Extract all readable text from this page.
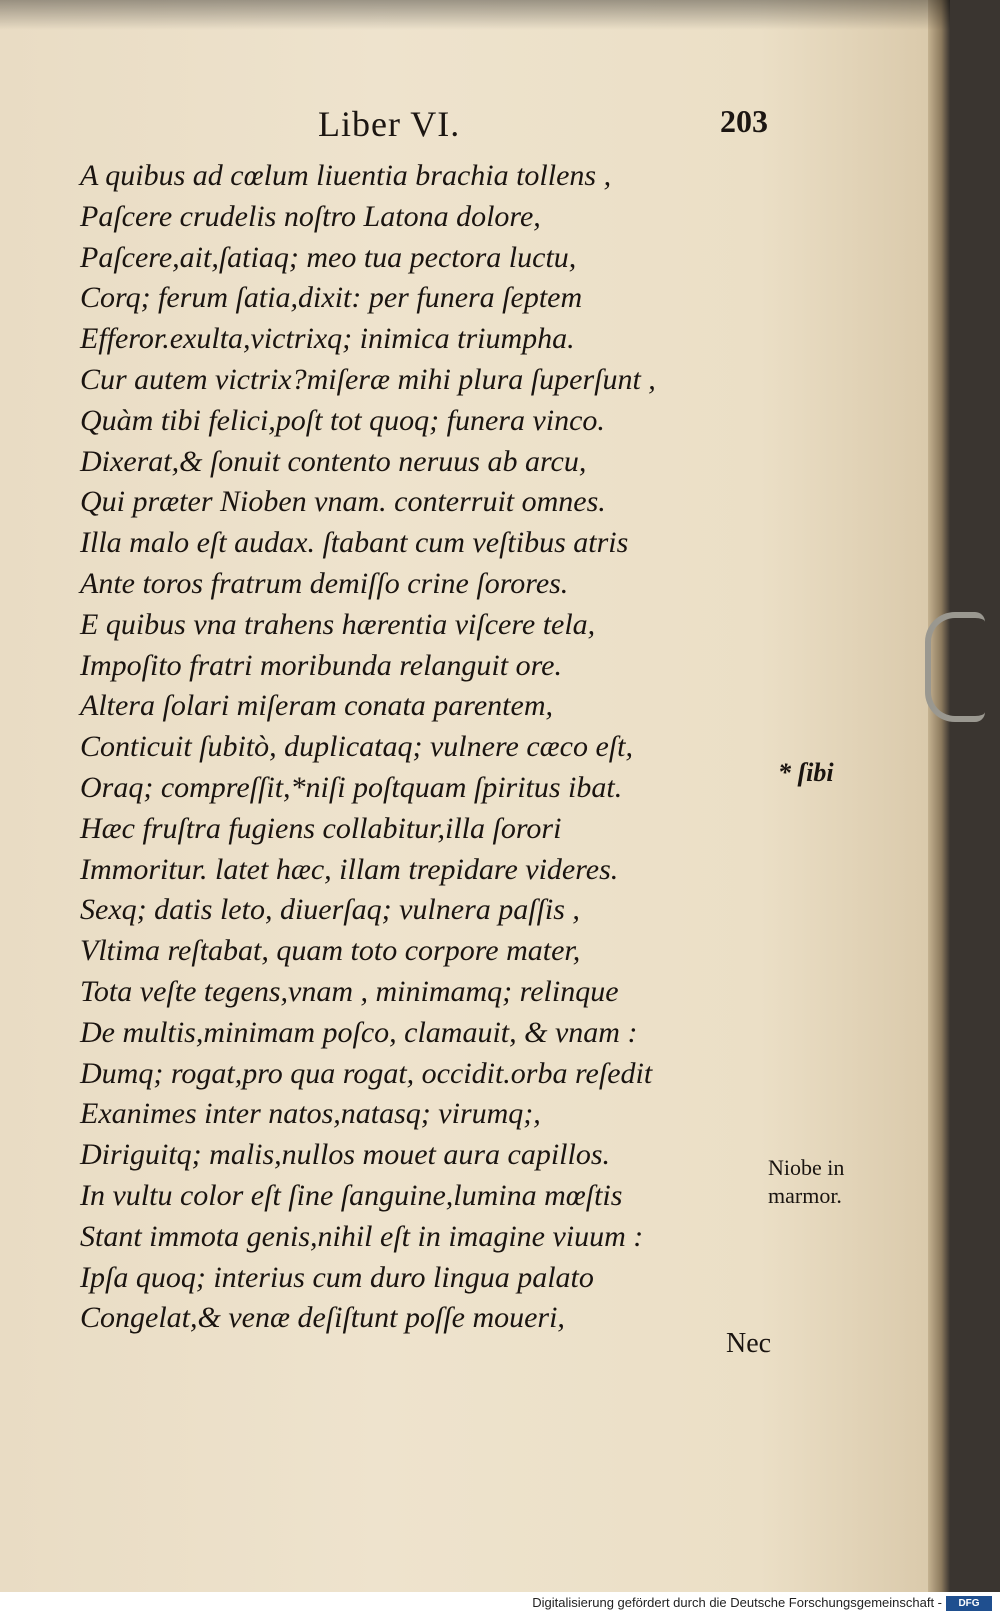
Liber VI.	203
A quibus ad cœlum liuentia brachia tollens ,
Paſcere crudelis noſtro Latona dolore,
Paſcere,ait,ſatiaq; meo tua pectora luctu,
Corq; ferum ſatia,dixit: per funera ſeptem
Efferor.exulta,victrixq; inimica triumpha.
Cur autem victrix?miſeræ mihi plura ſuperſunt ,
Quàm tibi felici,poſt tot quoq; funera vinco.
Dixerat,& ſonuit contento neruus ab arcu,
Qui præter Nioben vnam. conterruit omnes.
Illa malo eſt audax. ſtabant cum veſtibus atris
Ante toros fratrum demiſſo crine ſorores.
E quibus vna trahens hærentia viſcere tela,
Impoſito fratri moribunda relanguit ore.
Altera ſolari miſeram conata parentem,
Conticuit ſubitò, duplicataq; vulnere cæco eſt,
Oraq; compreſſit,*niſi poſtquam ſpiritus ibat.
Hæc fruſtra fugiens collabitur,illa ſorori
Immoritur. latet hæc, illam trepidare videres.
Sexq; datis leto, diuerſaq; vulnera paſſis ,
Vltima reſtabat, quam toto corpore mater,
Tota veſte tegens,vnam , minimamq; relinque
De multis,minimam poſco, clamauit, & vnam :
Dumq; rogat,pro qua rogat, occidit.orba reſedit
Exanimes inter natos,natasq; virumq;,
Diriguitq; malis,nullos mouet aura capillos.
In vultu color eſt ſine ſanguine,lumina mœſtis
Stant immota genis,nihil eſt in imagine viuum :
Ipſa quoq; interius cum duro lingua palato
Congelat,& venæ deſiſtunt poſſe moueri,
* ſibi
Niobe in marmor.
Nec
Digitalisierung gefördert durch die Deutsche Forschungsgemeinschaft -	DFG
